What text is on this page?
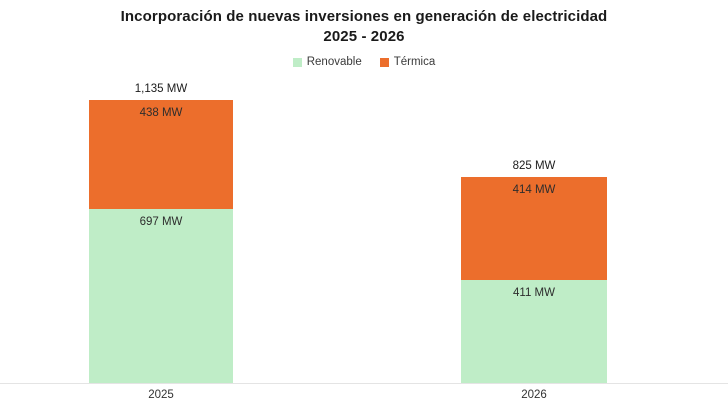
Incorporación de nuevas inversiones en generación de electricidad
2025 - 2026
Renovable	Térmica
1,135 MW
438 MW
697 MW
825 MW
414 MW
411 MW
2025	2026
